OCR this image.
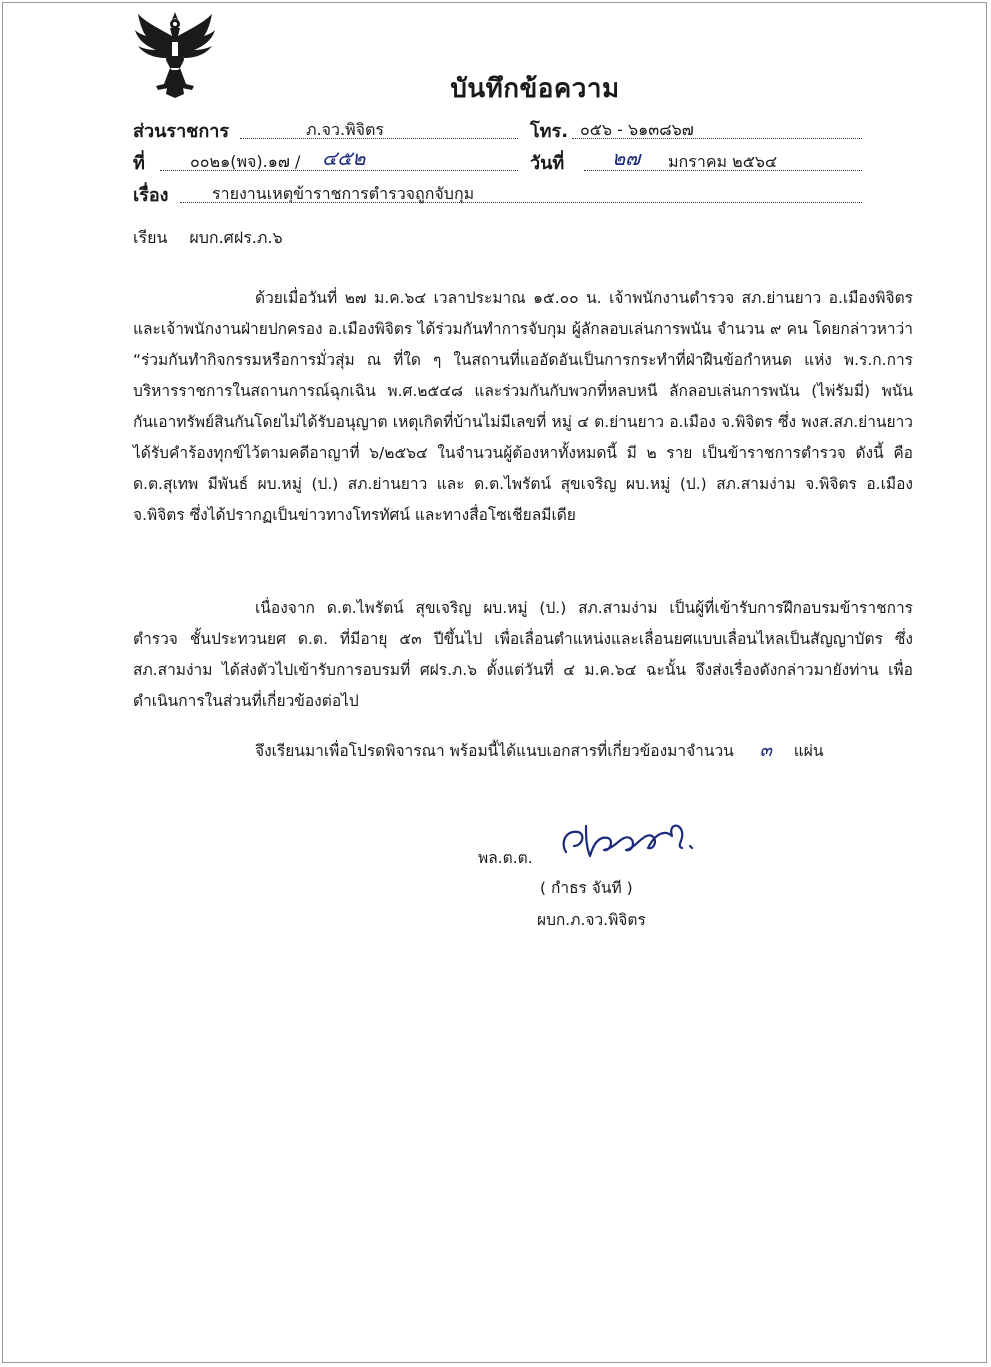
บันทึกข้อความ
ส่วนราชการ	ภ.จว.พิจิตร	โทร. ๐๕๖ - ๖๑๓๘๖๗
ที่	๐๐๒๑(พจ).๑๗ / ๔๕๒	วันที่ ๒๗ มกราคม ๒๕๖๔
เรื่อง	รายงานเหตุข้าราชการตำรวจถูกจับกุม
เรียน ผบก.ศฝร.ภ.๖
ด้วยเมื่อวันที่ ๒๗ ม.ค.๖๔ เวลาประมาณ ๑๕.๐๐ น. เจ้าพนักงานตำรวจ สภ.ย่านยาว อ.เมืองพิจิตร และเจ้าพนักงานฝ่ายปกครอง อ.เมืองพิจิตร ได้ร่วมกันทำการจับกุม ผู้ลักลอบเล่นการพนัน จำนวน ๙ คน โดยกล่าวหาว่า “ร่วมกันทำกิจกรรมหรือการมั่วสุ่ม ณ ที่ใด ๆ ในสถานที่แออัดอันเป็นการกระทำที่ฝ่าฝืนข้อกำหนด แห่ง พ.ร.ก.การบริหารราชการในสถานการณ์ฉุกเฉิน พ.ศ.๒๕๔๘ และร่วมกันกับพวกที่หลบหนี ลักลอบเล่นการพนัน (ไพ่รัมมี่) พนันกันเอาทรัพย์สินกันโดยไม่ได้รับอนุญาต เหตุเกิดที่บ้านไม่มีเลขที่ หมู่ ๔ ต.ย่านยาว อ.เมือง จ.พิจิตร ซึ่ง พงส.สภ.ย่านยาว ได้รับคำร้องทุกข์ไว้ตามคดีอาญาที่ ๖/๒๕๖๔ ในจำนวนผู้ต้องหาทั้งหมดนี้ มี ๒ ราย เป็นข้าราชการตำรวจ ดังนี้ คือ ด.ต.สุเทพ มีพันธ์ ผบ.หมู่ (ป.) สภ.ย่านยาว และ ด.ต.ไพรัตน์ สุขเจริญ ผบ.หมู่ (ป.) สภ.สามง่าม จ.พิจิตร อ.เมือง จ.พิจิตร ซึ่งได้ปรากฏเป็นข่าวทางโทรทัศน์ และทางสื่อโซเชียลมีเดีย
เนื่องจาก ด.ต.ไพรัตน์ สุขเจริญ ผบ.หมู่ (ป.) สภ.สามง่าม เป็นผู้ที่เข้ารับการฝึกอบรมข้าราชการตำรวจ ชั้นประทวนยศ ด.ต. ที่มีอายุ ๕๓ ปีขึ้นไป เพื่อเลื่อนตำแหน่งและเลื่อนยศแบบเลื่อนไหลเป็นสัญญาบัตร ซึ่ง สภ.สามง่าม ได้ส่งตัวไปเข้ารับการอบรมที่ ศฝร.ภ.๖ ตั้งแต่วันที่ ๔ ม.ค.๖๔ ฉะนั้น จึงส่งเรื่องดังกล่าวมายังท่าน เพื่อดำเนินการในส่วนที่เกี่ยวข้องต่อไป
จึงเรียนมาเพื่อโปรดพิจารณา พร้อมนี้ได้แนบเอกสารที่เกี่ยวข้องมาจำนวน ๓ แผ่น
พล.ต.ต.
( กำธร จันที )
ผบก.ภ.จว.พิจิตร
